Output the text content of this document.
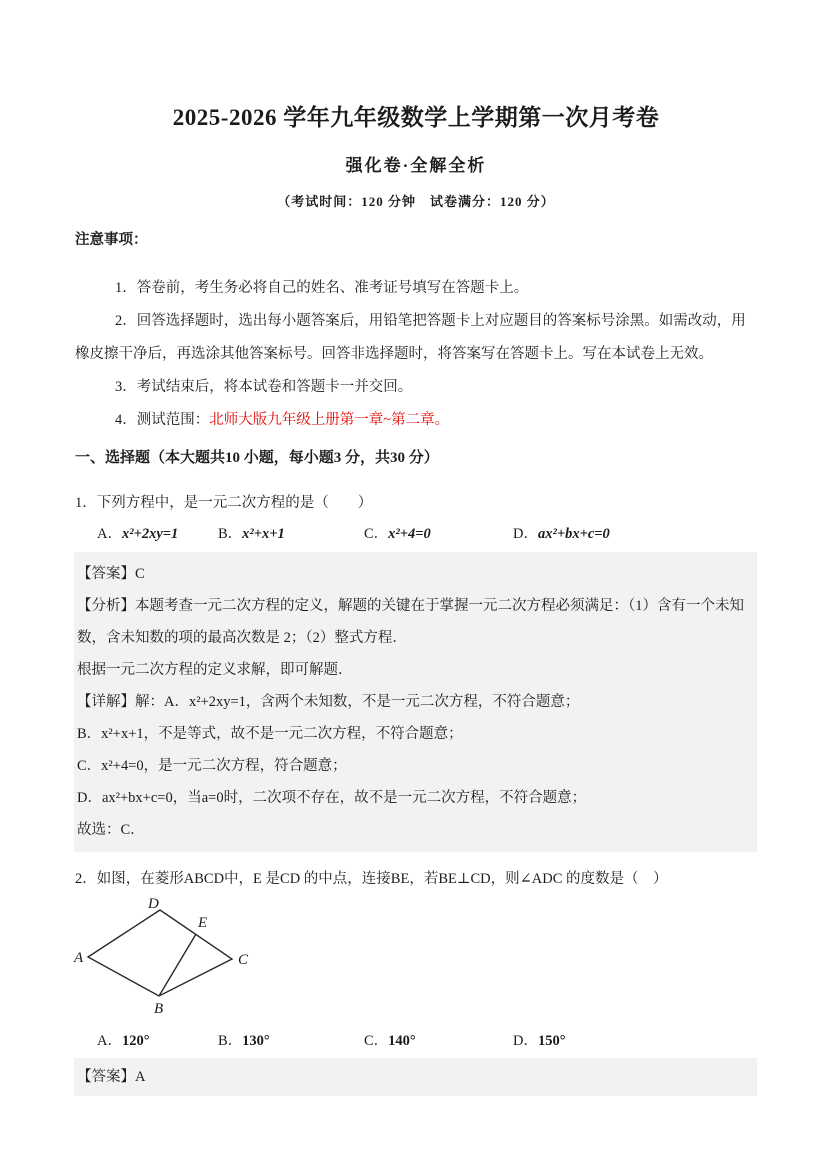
2025-2026 学年九年级数学上学期第一次月考卷
强化卷·全解全析

（考试时间：120 分钟　试卷满分：120 分）

注意事项：

1．答卷前，考生务必将自己的姓名、准考证号填写在答题卡上。

2．回答选择题时，选出每小题答案后，用铅笔把答题卡上对应题目的答案标号涂黑。如需改动，用橡皮擦干净后，再选涂其他答案标号。回答非选择题时，将答案写在答题卡上。写在本试卷上无效。

3．考试结束后，将本试卷和答题卡一并交回。

4．测试范围：北师大版九年级上册第一章~第二章。

一、选择题（本大题共10 小题，每小题3 分，共30 分）

1．下列方程中，是一元二次方程的是（　　）

A．x²+2xy=1	B．x²+x+1	C．x²+4=0	D．ax²+bx+c=0

【答案】C

【分析】本题考查一元二次方程的定义，解题的关键在于掌握一元二次方程必须满足：（1）含有一个未知数，含未知数的项的最高次数是 2；（2）整式方程．

根据一元二次方程的定义求解，即可解题．

【详解】解：A．x²+2xy=1，含两个未知数，不是一元二次方程，不符合题意；

B．x²+x+1，不是等式，故不是一元二次方程，不符合题意；

C．x²+4=0，是一元二次方程，符合题意；

D．ax²+bx+c=0，当a=0时，二次项不存在，故不是一元二次方程，不符合题意；

故选：C．

2．如图，在菱形ABCD中，E 是CD 的中点，连接BE，若BE⊥CD，则∠ADC 的度数是（　）

D
E
A	C
B
A．120°	B．130°	C．140°	D．150°

【答案】A
